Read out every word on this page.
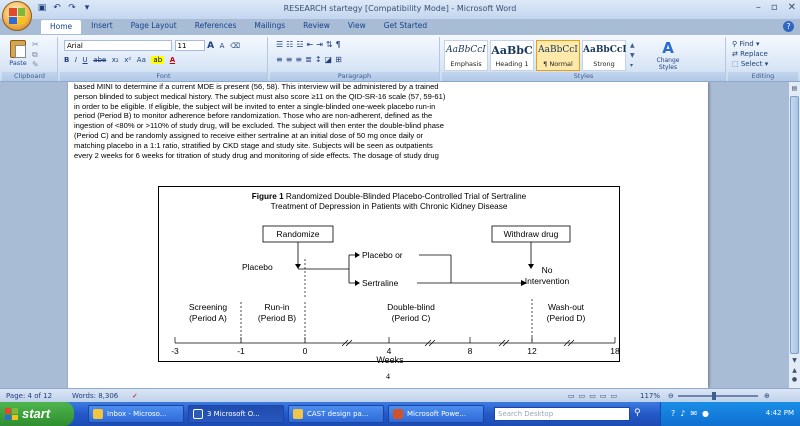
RESEARCH startegy [Compatibility Mode] - Microsoft Word
▣ ↶ ↷ ▾	– ▫ ✕
Home	Insert	Page Layout	References	Mailings	Review	View	Get Started	?
Paste
✂
⧉
✎
Clipboard
Arial	11 A A ⌫
B I U abe x₂ x² Aa ab A
Font
☰☷☳⇤⇥⇅¶
≡≡≡≣↕◪⊞
Paragraph
AaBbCcI
Emphasis
AaBbC
Heading 1
AaBbCcI
¶ Normal
AaBbCcI
Strong
▲
▼
▾
A
Change Styles
Styles
⚲ Find ▾
⇄ Replace
⬚ Select ▾
Editing
based MINI to determine if a current MDE is present (56, 58). This interview will be administered by a trained
person blinded to subject medical history. The subject must also score ≥11 on the QID-SR-16 scale (57, 59-61)
in order to be eligible. If eligible, the subject will be invited to enter a single-blinded one-week placebo run-in
period (Period B) to monitor adherence before randomization. Those who are non-adherent, defined as the
ingestion of <80% or >110% of study drug, will be excluded. The subject will then enter the double-blind phase
(Period C) and be randomly assigned to receive either sertraline at an initial dose of 50 mg once daily or
matching placebo in a 1:1 ratio, stratified by CKD stage and study site. Subjects will be seen as outpatients
every 2 weeks for 6 weeks for titration of study drug and monitoring of side effects. The dosage of study drug
Figure 1 Randomized Double-Blinded Placebo-Controlled Trial of Sertraline
Treatment of Depression in Patients with Chronic Kidney Disease
Randomize	Withdraw drug
Placebo
Placebo or
Sertraline
No
Intervention
Screening
(Period A)
Run-in
(Period B)
Double-blind
(Period C)
Wash-out
(Period D)
-3	-1	0	4	8	12	18
Weeks
4
▤
▼
▲
●
Page: 4 of 12	Words: 8,306 ✓	▭▭▭▭▭	117% ⊖	⊕
start	Inbox - Microso...	3 Microsoft O...	CAST design pa...	Microsoft Powe...	Search Desktop	⚲	?♪✉●	4:42 PM
